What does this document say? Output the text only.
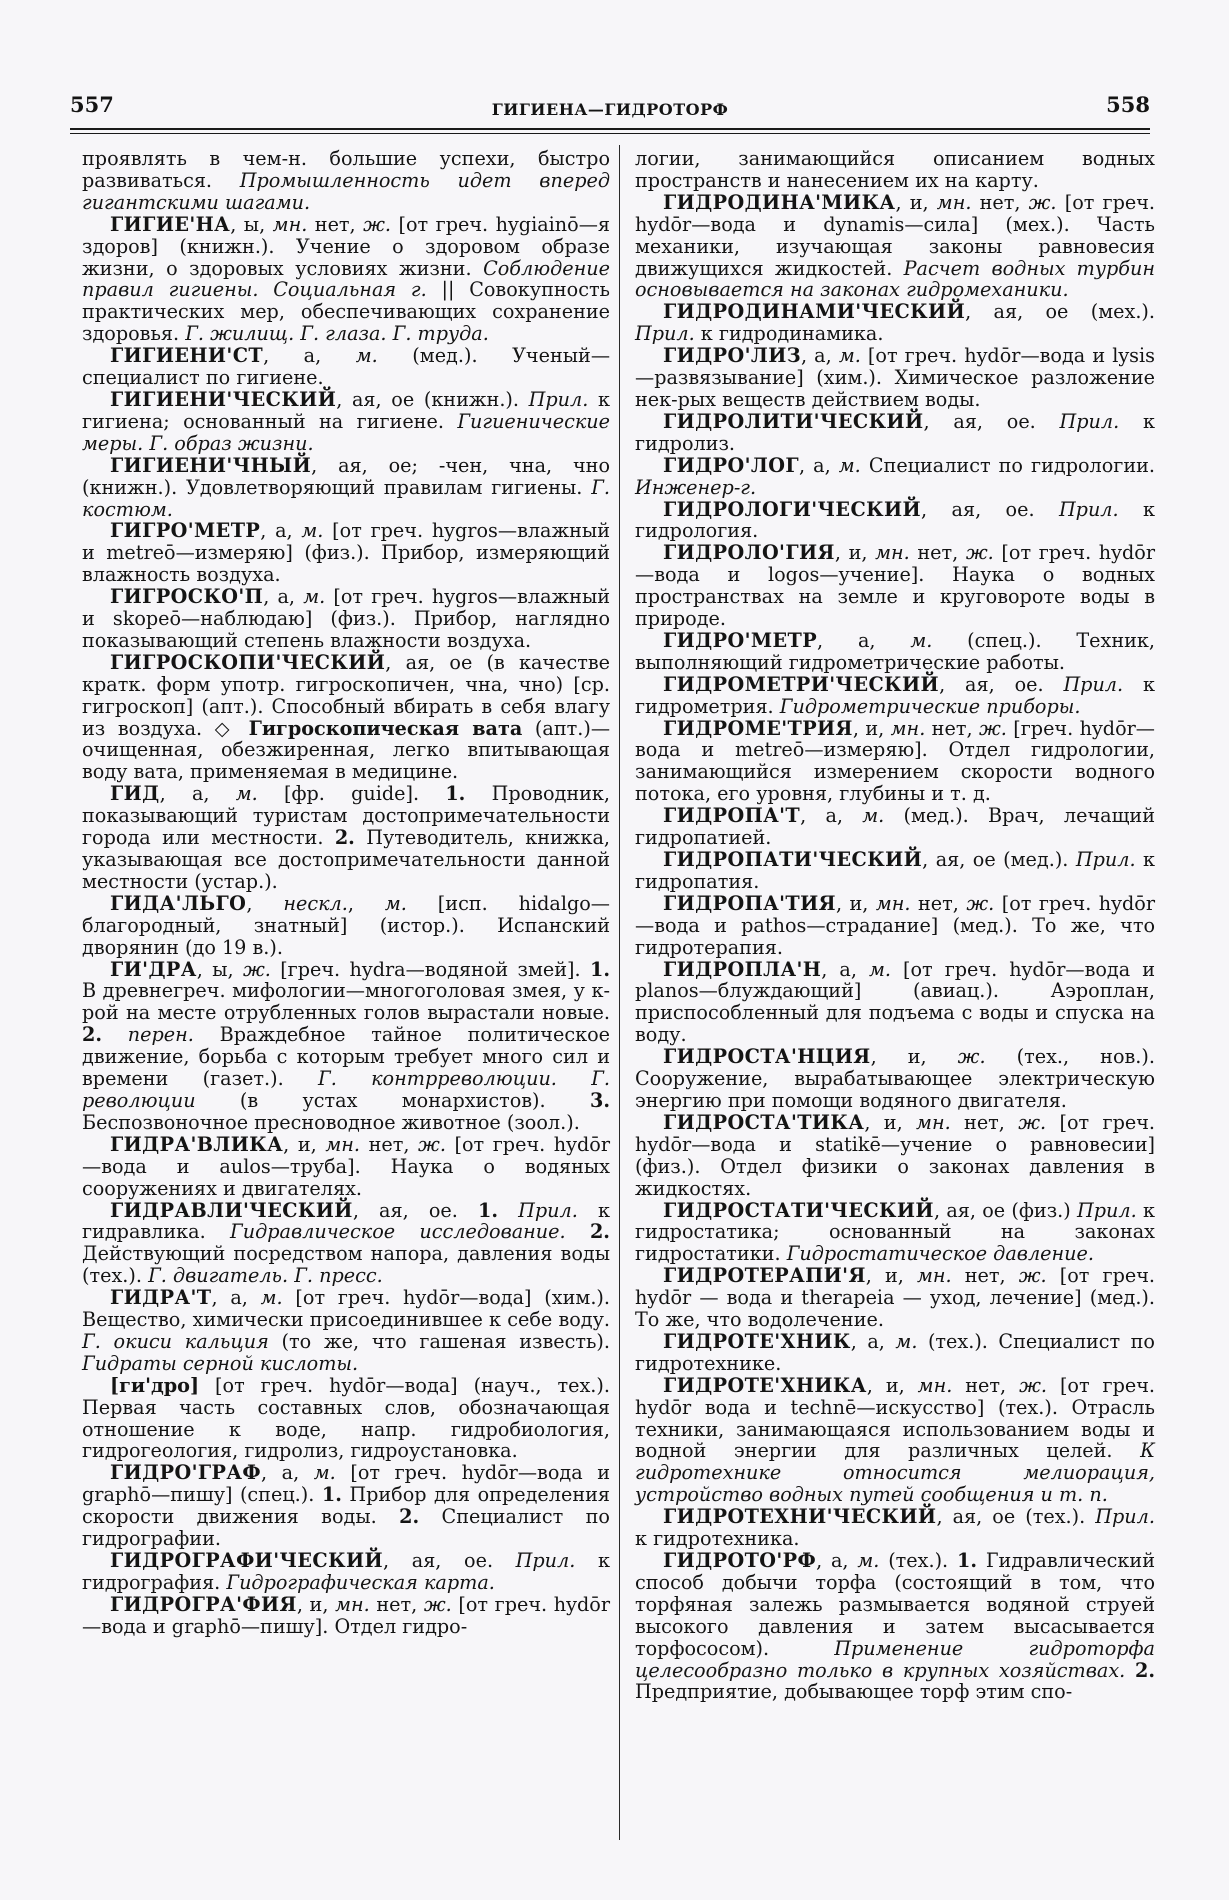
557	ГИГИЕНА—ГИДРОТОРФ	558

проявлять в чем-н. большие успехи, быстро развиваться. Промышленность идет вперед гигантскими шагами.

ГИГИЕ'НА, ы, мн. нет, ж. [от греч. hygiainō—я здоров] (книжн.). Учение о здоровом образе жизни, о здоровых условиях жизни. Соблюдение правил гигиены. Социальная г. || Совокупность практических мер, обеспечивающих сохранение здоровья. Г. жилищ. Г. глаза. Г. труда.

ГИГИЕНИ'СТ, а, м. (мед.). Ученый—специалист по гигиене.

ГИГИЕНИ'ЧЕСКИЙ, ая, ое (книжн.). Прил. к гигиена; основанный на гигиене. Гигиенические меры. Г. образ жизни.

ГИГИЕНИ'ЧНЫЙ, ая, ое; -чен, чна, чно (книжн.). Удовлетворяющий правилам гигиены. Г. костюм.

ГИГРО'МЕТР, а, м. [от греч. hygros—влажный и metreō—измеряю] (физ.). Прибор, измеряющий влажность воздуха.

ГИГРОСКО'П, а, м. [от греч. hygros—влажный и skopeō—наблюдаю] (физ.). Прибор, наглядно показывающий степень влажности воздуха.

ГИГРОСКОПИ'ЧЕСКИЙ, ая, ое (в качестве кратк. форм употр. гигроскопичен, чна, чно) [ср. гигроскоп] (апт.). Способный вбирать в себя влагу из воздуха. ◇ Гигроскопическая вата (апт.)—очищенная, обезжиренная, легко впитывающая воду вата, применяемая в медицине.

ГИД, а, м. [фр. guide]. 1. Проводник, показывающий туристам достопримечательности города или местности. 2. Путеводитель, книжка, указывающая все достопримечательности данной местности (устар.).

ГИДА'ЛЬГО, нескл., м. [исп. hidalgo—благородный, знатный] (истор.). Испанский дворянин (до 19 в.).

ГИ'ДРА, ы, ж. [греч. hydra—водяной змей]. 1. В древнегреч. мифологии—многоголовая змея, у к-рой на месте отрубленных голов вырастали новые. 2. перен. Враждебное тайное политическое движение, борьба с которым требует много сил и времени (газет.). Г. контрреволюции. Г. революции (в устах монархистов). 3. Беспозвоночное пресноводное животное (зоол.).

ГИДРА'ВЛИКА, и, мн. нет, ж. [от греч. hydōr—вода и aulos—труба]. Наука о водяных сооружениях и двигателях.

ГИДРАВЛИ'ЧЕСКИЙ, ая, ое. 1. Прил. к гидравлика. Гидравлическое исследование. 2. Действующий посредством напора, давления воды (тех.). Г. двигатель. Г. пресс.

ГИДРА'Т, а, м. [от греч. hydōr—вода] (хим.). Вещество, химически присоединившее к себе воду. Г. окиси кальция (то же, что гашеная известь). Гидраты серной кислоты.

[ги'дро] [от греч. hydōr—вода] (науч., тех.). Первая часть составных слов, обозначающая отношение к воде, напр. гидробиология, гидрогеология, гидролиз, гидроустановка.

ГИДРО'ГРАФ, а, м. [от греч. hydōr—вода и graphō—пишу] (спец.). 1. Прибор для определения скорости движения воды. 2. Специалист по гидрографии.

ГИДРОГРАФИ'ЧЕСКИЙ, ая, ое. Прил. к гидрография. Гидрографическая карта.

ГИДРОГРА'ФИЯ, и, мн. нет, ж. [от греч. hydōr—вода и graphō—пишу]. Отдел гидро-

логии, занимающийся описанием водных пространств и нанесением их на карту.

ГИДРОДИНА'МИКА, и, мн. нет, ж. [от греч. hydōr—вода и dynamis—сила] (мех.). Часть механики, изучающая законы равновесия движущихся жидкостей. Расчет водных турбин основывается на законах гидромеханики.

ГИДРОДИНАМИ'ЧЕСКИЙ, ая, ое (мех.). Прил. к гидродинамика.

ГИДРО'ЛИЗ, а, м. [от греч. hydōr—вода и lysis—развязывание] (хим.). Химическое разложение нек-рых веществ действием воды.

ГИДРОЛИТИ'ЧЕСКИЙ, ая, ое. Прил. к гидролиз.

ГИДРО'ЛОГ, а, м. Специалист по гидрологии. Инженер-г.

ГИДРОЛОГИ'ЧЕСКИЙ, ая, ое. Прил. к гидрология.

ГИДРОЛО'ГИЯ, и, мн. нет, ж. [от греч. hydōr—вода и logos—учение]. Наука о водных пространствах на земле и круговороте воды в природе.

ГИДРО'МЕТР, а, м. (спец.). Техник, выполняющий гидрометрические работы.

ГИДРОМЕТРИ'ЧЕСКИЙ, ая, ое. Прил. к гидрометрия. Гидрометрические приборы.

ГИДРОМЕ'ТРИЯ, и, мн. нет, ж. [греч. hydōr—вода и metreō—измеряю]. Отдел гидрологии, занимающийся измерением скорости водного потока, его уровня, глубины и т. д.

ГИДРОПА'Т, а, м. (мед.). Врач, лечащий гидропатией.

ГИДРОПАТИ'ЧЕСКИЙ, ая, ое (мед.). Прил. к гидропатия.

ГИДРОПА'ТИЯ, и, мн. нет, ж. [от греч. hydōr—вода и pathos—страдание] (мед.). То же, что гидротерапия.

ГИДРОПЛА'Н, а, м. [от греч. hydōr—вода и planos—блуждающий] (авиац.). Аэроплан, приспособленный для подъема с воды и спуска на воду.

ГИДРОСТА'НЦИЯ, и, ж. (тех., нов.). Сооружение, вырабатывающее электрическую энергию при помощи водяного двигателя.

ГИДРОСТА'ТИКА, и, мн. нет, ж. [от греч. hydōr—вода и statikē—учение о равновесии] (физ.). Отдел физики о законах давления в жидкостях.

ГИДРОСТАТИ'ЧЕСКИЙ, ая, ое (физ.) Прил. к гидростатика; основанный на законах гидростатики. Гидростатическое давление.

ГИДРОТЕРАПИ'Я, и, мн. нет, ж. [от греч. hydōr — вода и therapeia — уход, лечение] (мед.). То же, что водолечение.

ГИДРОТЕ'ХНИК, а, м. (тех.). Специалист по гидротехнике.

ГИДРОТЕ'ХНИКА, и, мн. нет, ж. [от греч. hydōr вода и technē—искусство] (тех.). Отрасль техники, занимающаяся использованием воды и водной энергии для различных целей. К гидротехнике относится мелиорация, устройство водных путей сообщения и т. п.

ГИДРОТЕХНИ'ЧЕСКИЙ, ая, ое (тех.). Прил. к гидротехника.

ГИДРОТО'РФ, а, м. (тех.). 1. Гидравлический способ добычи торфа (состоящий в том, что торфяная залежь размывается водяной струей высокого давления и затем высасывается торфососом). Применение гидроторфа целесообразно только в крупных хозяйствах. 2. Предприятие, добывающее торф этим спо-
